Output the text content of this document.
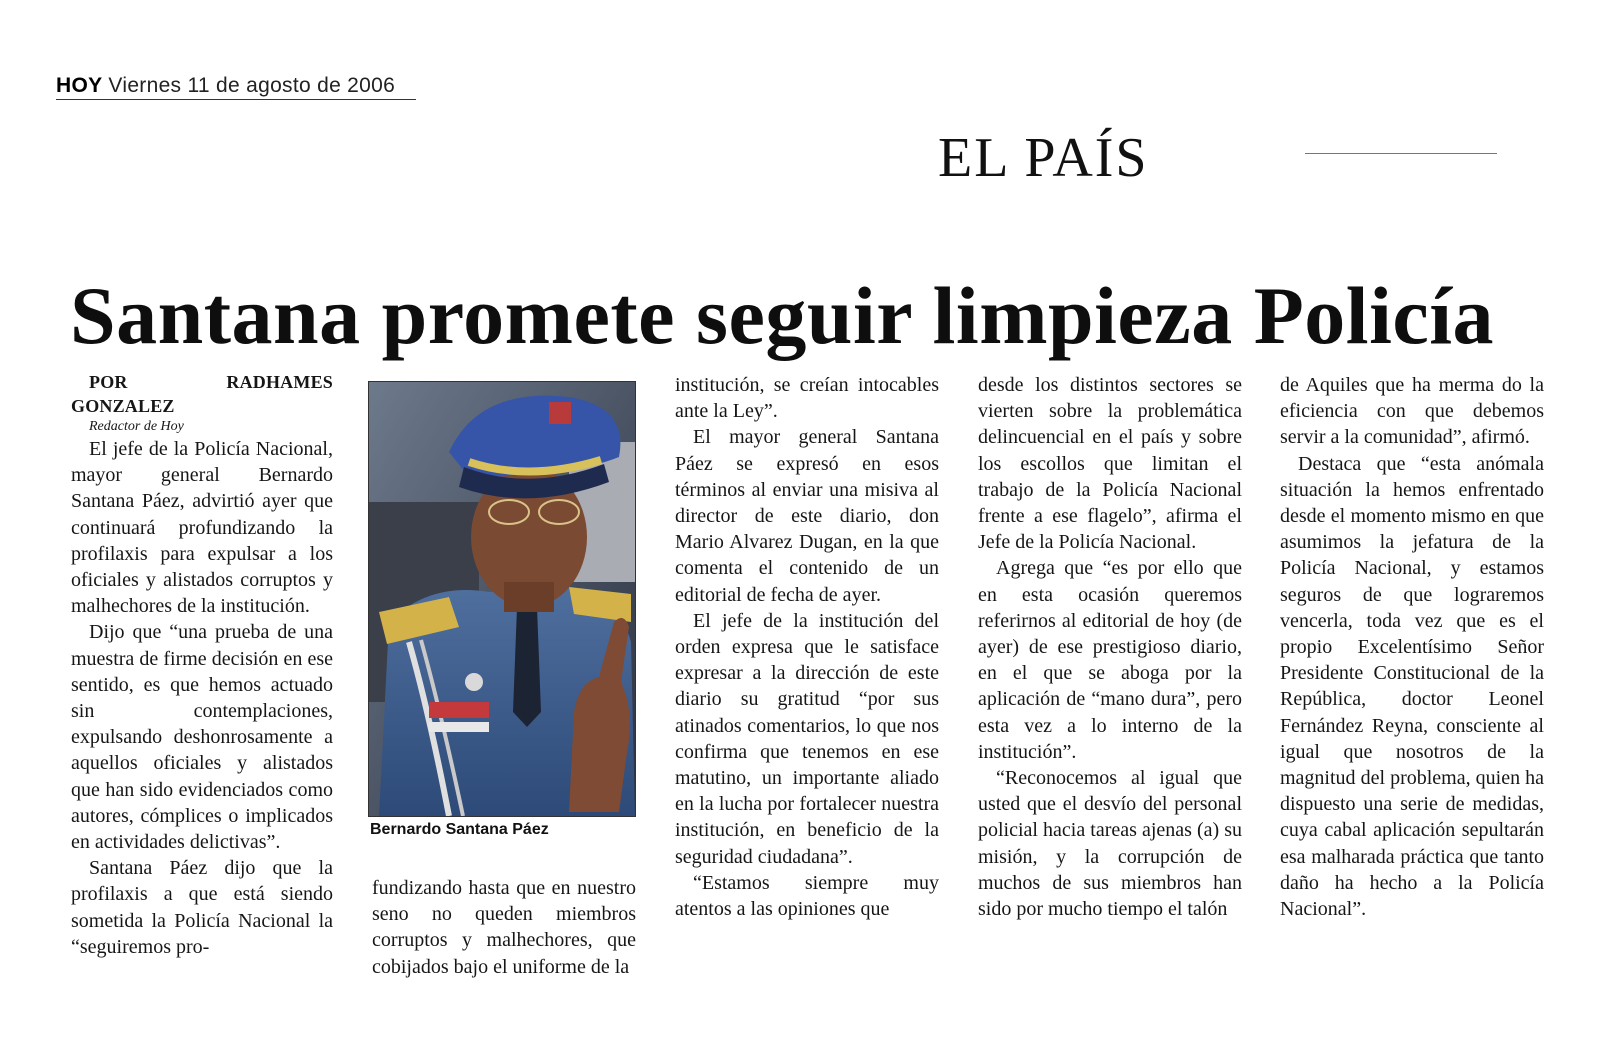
HOY Viernes 11 de agosto de 2006
EL PAÍS
Santana promete seguir limpieza Policía

POR RADHAMES GONZALEZ

Redactor de Hoy

El jefe de la Policía Nacional, mayor general Bernardo Santana Páez, advirtió ayer que continuará profundizando la profilaxis para expulsar a los oficiales y alistados corruptos y malhechores de la institución.

Dijo que “una prueba de una muestra de firme decisión en ese sentido, es que hemos actuado sin contemplaciones, expulsando deshonrosamente a aquellos oficiales y alistados que han sido evidenciados como autores, cómplices o implicados en actividades delictivas”.

Santana Páez dijo que la profilaxis a que está siendo sometida la Policía Nacional la “seguiremos pro-

Bernardo Santana Páez

fundizando hasta que en nuestro seno no queden miembros corruptos y malhechores, que cobijados bajo el uniforme de la

institución, se creían intocables ante la Ley”.

El mayor general Santana Páez se expresó en esos términos al enviar una misiva al director de este diario, don Mario Alvarez Dugan, en la que comenta el contenido de un editorial de fecha de ayer.

El jefe de la institución del orden expresa que le satisface expresar a la dirección de este diario su gratitud “por sus atinados comentarios, lo que nos confirma que tenemos en ese matutino, un importante aliado en la lucha por fortalecer nuestra institución, en beneficio de la seguridad ciudadana”.

“Estamos siempre muy atentos a las opiniones que

desde los distintos sectores se vierten sobre la problemática delincuencial en el país y sobre los escollos que limitan el trabajo de la Policía Nacional frente a ese flagelo”, afirma el Jefe de la Policía Nacional.

Agrega que “es por ello que en esta ocasión queremos referirnos al editorial de hoy (de ayer) de ese prestigioso diario, en el que se aboga por la aplicación de “mano dura”, pero esta vez a lo interno de la institución”.

“Reconocemos al igual que usted que el desvío del personal policial hacia tareas ajenas (a) su misión, y la corrupción de muchos de sus miembros han sido por mucho tiempo el talón

de Aquiles que ha merma do la eficiencia con que debemos servir a la comunidad”, afirmó.

Destaca que “esta anómala situación la hemos enfrentado desde el momento mismo en que asumimos la jefatura de la Policía Nacional, y estamos seguros de que lograremos vencerla, toda vez que es el propio Excelentísimo Señor Presidente Constitucional de la República, doctor Leonel Fernández Reyna, consciente al igual que nosotros de la magnitud del problema, quien ha dispuesto una serie de medidas, cuya cabal aplicación sepultarán esa malharada práctica que tanto daño ha hecho a la Policía Nacional”.
